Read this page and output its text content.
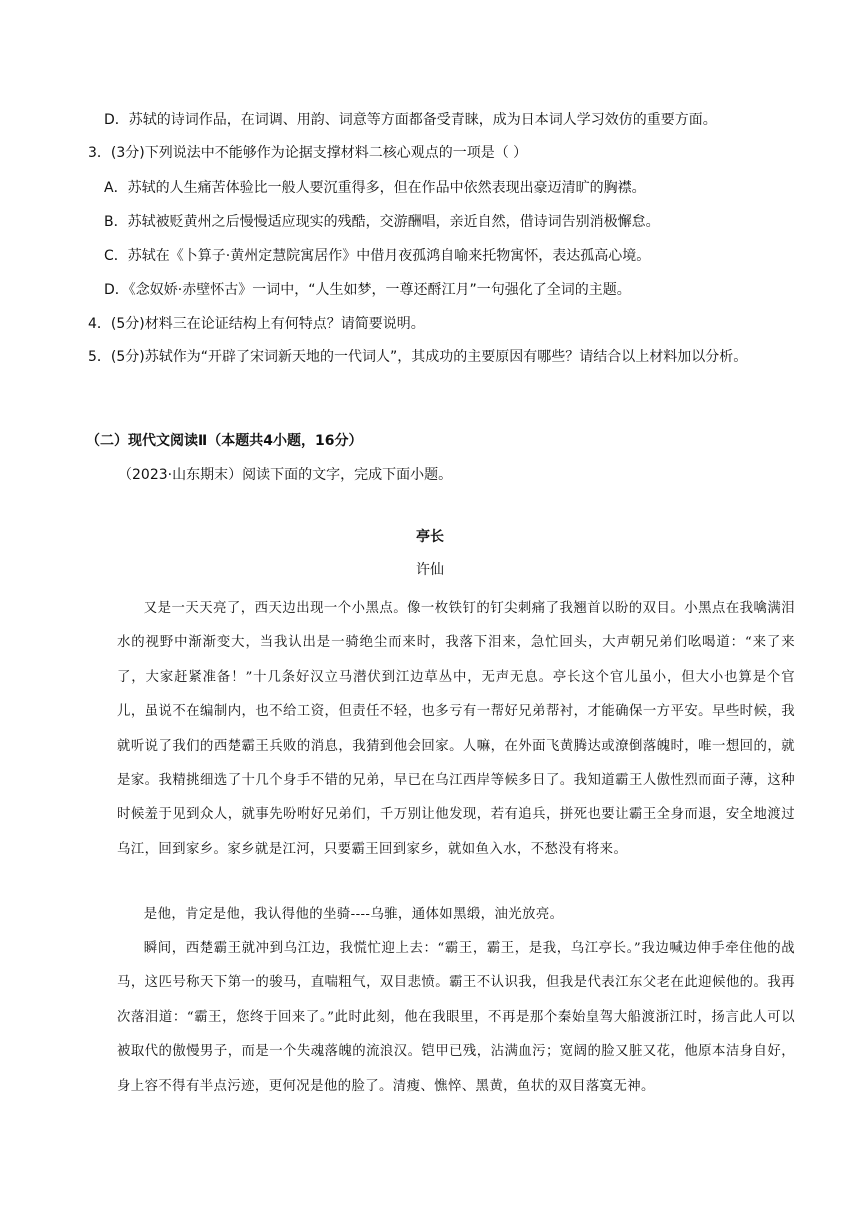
D．苏轼的诗词作品，在词调、用韵、词意等方面都备受青睐，成为日本词人学习效仿的重要方面。
3．(3分)下列说法中不能够作为论据支撑材料二核心观点的一项是（ ）
A．苏轼的人生痛苦体验比一般人要沉重得多，但在作品中依然表现出豪迈清旷的胸襟。
B．苏轼被贬黄州之后慢慢适应现实的残酷，交游酬唱，亲近自然，借诗词告别消极懈怠。
C．苏轼在《卜算子·黄州定慧院寓居作》中借月夜孤鸿自喻来托物寓怀，表达孤高心境。
D．《念奴娇·赤壁怀古》一词中，“人生如梦，一尊还酹江月”一句强化了全词的主题。
4．(5分)材料三在论证结构上有何特点？请简要说明。
5．(5分)苏轼作为“开辟了宋词新天地的一代词人”，其成功的主要原因有哪些？请结合以上材料加以分析。
（二）现代文阅读Ⅱ（本题共4小题，16分）
（2023·山东期末）阅读下面的文字，完成下面小题。
亭长
许仙
又是一天天亮了，西天边出现一个小黑点。像一枚铁钉的钉尖刺痛了我翘首以盼的双目。小黑点在我噙满泪水的视野中渐渐变大，当我认出是一骑绝尘而来时，我落下泪来，急忙回头，大声朝兄弟们吆喝道：“来了来了，大家赶紧准备！”十几条好汉立马潜伏到江边草丛中，无声无息。亭长这个官儿虽小，但大小也算是个官儿，虽说不在编制内，也不给工资，但责任不轻，也多亏有一帮好兄弟帮衬，才能确保一方平安。早些时候，我就听说了我们的西楚霸王兵败的消息，我猜到他会回家。人嘛，在外面飞黄腾达或潦倒落魄时，唯一想回的，就是家。我精挑细选了十几个身手不错的兄弟，早已在乌江西岸等候多日了。我知道霸王人傲性烈而面子薄，这种时候羞于见到众人，就事先吩咐好兄弟们，千万别让他发现，若有追兵，拼死也要让霸王全身而退，安全地渡过乌江，回到家乡。家乡就是江河，只要霸王回到家乡，就如鱼入水，不愁没有将来。
是他，肯定是他，我认得他的坐骑----乌骓，通体如黑缎，油光放亮。
瞬间，西楚霸王就冲到乌江边，我慌忙迎上去：“霸王，霸王，是我，乌江亭长。”我边喊边伸手牵住他的战马，这匹号称天下第一的骏马，直喘粗气，双目悲愤。霸王不认识我，但我是代表江东父老在此迎候他的。我再次落泪道：“霸王，您终于回来了。”此时此刻，他在我眼里，不再是那个秦始皇驾大船渡浙江时，扬言此人可以被取代的傲慢男子，而是一个失魂落魄的流浪汉。铠甲已残，沾满血污；宽阔的脸又脏又花，他原本洁身自好，身上容不得有半点污迹，更何况是他的脸了。清瘦、憔悴、黑黄，鱼状的双目落寞无神。
